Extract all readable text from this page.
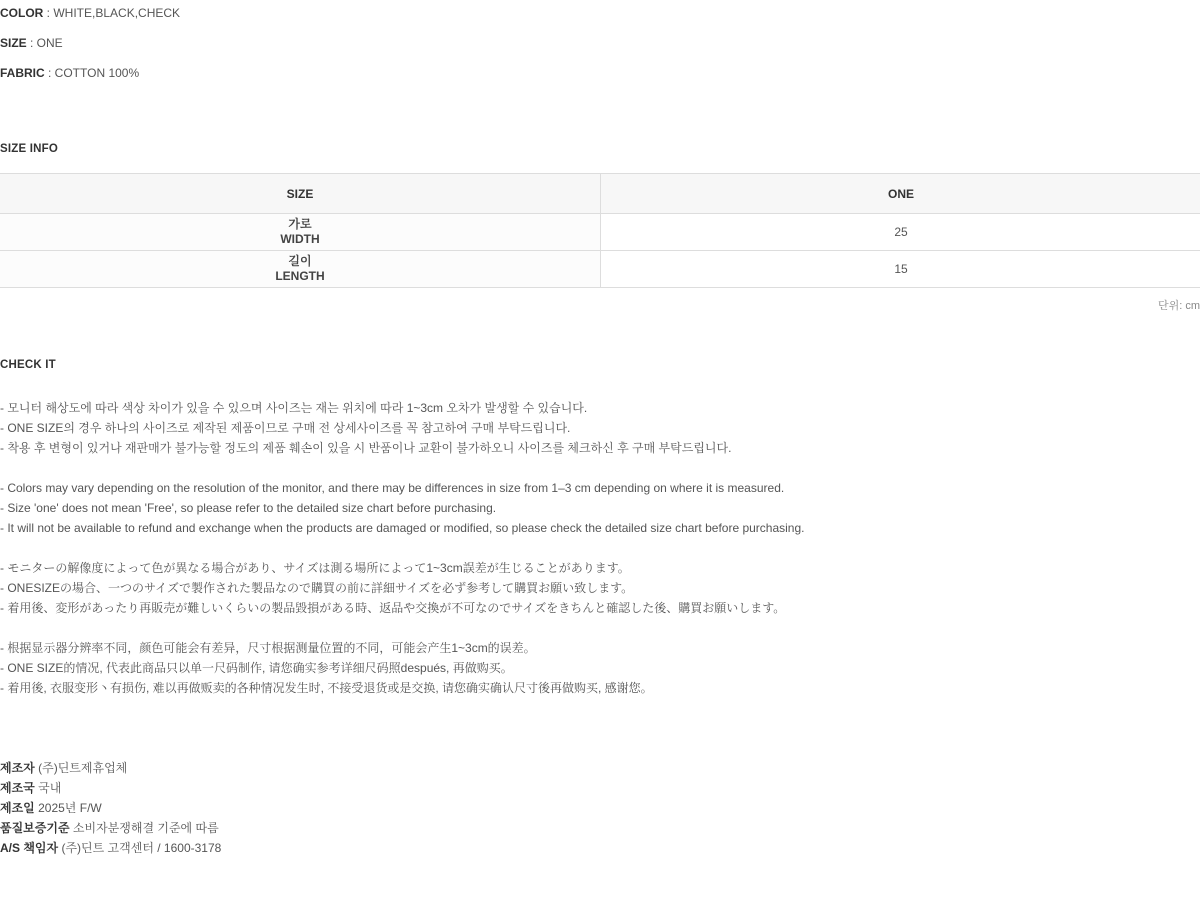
COLOR : WHITE,BLACK,CHECK
SIZE : ONE
FABRIC : COTTON 100%
SIZE INFO
SIZE	ONE

가로
WIDTH	25

길이
LENGTH	15
단위: cm
CHECK IT
- 모니터 해상도에 따라 색상 차이가 있을 수 있으며 사이즈는 재는 위치에 따라 1~3cm 오차가 발생할 수 있습니다.
- ONE SIZE의 경우 하나의 사이즈로 제작된 제품이므로 구매 전 상세사이즈를 꼭 참고하여 구매 부탁드립니다.
- 착용 후 변형이 있거나 재판매가 불가능할 정도의 제품 훼손이 있을 시 반품이나 교환이 불가하오니 사이즈를 체크하신 후 구매 부탁드립니다.
- Colors may vary depending on the resolution of the monitor, and there may be differences in size from 1–3 cm depending on where it is measured.
- Size 'one' does not mean 'Free', so please refer to the detailed size chart before purchasing.
- It will not be available to refund and exchange when the products are damaged or modified, so please check the detailed size chart before purchasing.
- モニターの解像度によって色が異なる場合があり、サイズは測る場所によって1~3cm誤差が生じることがあります。
- ONESIZEの場合、一つのサイズで製作された製品なので購買の前に詳細サイズを必ず参考して購買お願い致します。
- 着用後、変形があったり再販売が難しいくらいの製品毀損がある時、返品や交換が不可なのでサイズをきちんと確認した後、購買お願いします。
- 根据显示器分辨率不同，颜色可能会有差异，尺寸根据测量位置的不同，可能会产生1~3cm的误差。
- ONE SIZE的情况, 代表此商品只以单一尺码制作, 请您确实参考详细尺码照después, 再做购买。
- 着用後, 衣服变形丶有损伤, 难以再做贩卖的各种情况发生时, 不接受退货或是交换, 请您确实确认尺寸後再做购买, 感谢您。
제조자 (주)딘트제휴업체
제조국 국내
제조일 2025년 F/W
품질보증기준 소비자분쟁해결 기준에 따름
A/S 책임자 (주)딘트 고객센터 / 1600-3178
